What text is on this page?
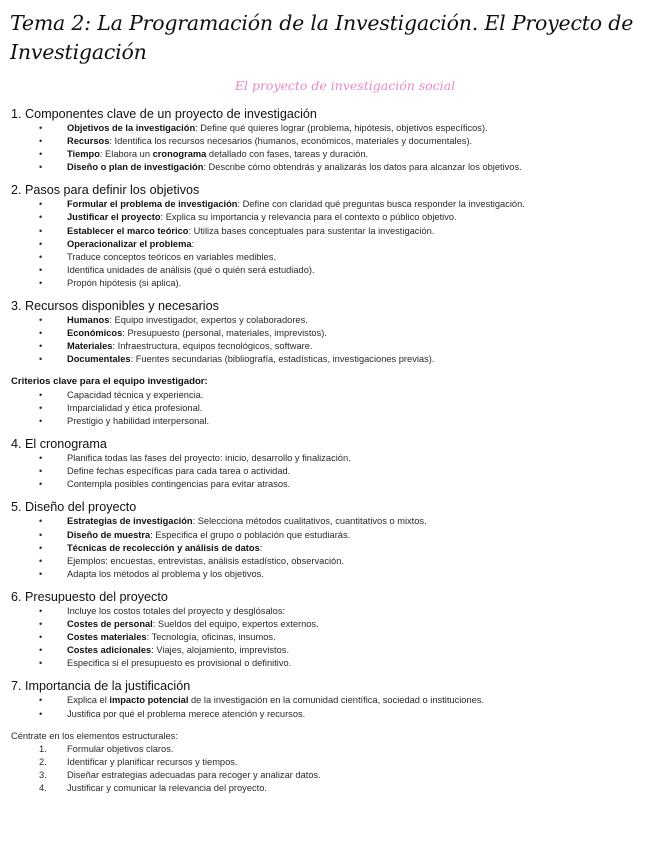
Tema 2: La Programación de la Investigación. El Proyecto de Investigación

El proyecto de investigación social

1. Componentes clave de un proyecto de investigación
•	Objetivos de la investigación: Define qué quieres lograr (problema, hipótesis, objetivos específicos).
•	Recursos: Identifica los recursos necesarios (humanos, económicos, materiales y documentales).
•	Tiempo: Elabora un cronograma detallado con fases, tareas y duración.
•	Diseño o plan de investigación: Describe cómo obtendrás y analizarás los datos para alcanzar los objetivos.
2. Pasos para definir los objetivos
•	Formular el problema de investigación: Define con claridad qué preguntas busca responder la investigación.
•	Justificar el proyecto: Explica su importancia y relevancia para el contexto o público objetivo.
•	Establecer el marco teórico: Utiliza bases conceptuales para sustentar la investigación.
•	Operacionalizar el problema:
•	Traduce conceptos teóricos en variables medibles.
•	Identifica unidades de análisis (qué o quién será estudiado).
•	Propón hipótesis (si aplica).
3. Recursos disponibles y necesarios
•	Humanos: Equipo investigador, expertos y colaboradores.
•	Económicos: Presupuesto (personal, materiales, imprevistos).
•	Materiales: Infraestructura, equipos tecnológicos, software.
•	Documentales: Fuentes secundarias (bibliografía, estadísticas, investigaciones previas).
Criterios clave para el equipo investigador:
•	Capacidad técnica y experiencia.
•	Imparcialidad y ética profesional.
•	Prestigio y habilidad interpersonal.
4. El cronograma
•	Planifica todas las fases del proyecto: inicio, desarrollo y finalización.
•	Define fechas específicas para cada tarea o actividad.
•	Contempla posibles contingencias para evitar atrasos.
5. Diseño del proyecto
•	Estrategias de investigación: Selecciona métodos cualitativos, cuantitativos o mixtos.
•	Diseño de muestra: Especifica el grupo o población que estudiarás.
•	Técnicas de recolección y análisis de datos:
•	Ejemplos: encuestas, entrevistas, análisis estadístico, observación.
•	Adapta los métodos al problema y los objetivos.
6. Presupuesto del proyecto
•	Incluye los costos totales del proyecto y desglósalos:
•	Costes de personal: Sueldos del equipo, expertos externos.
•	Costes materiales: Tecnología, oficinas, insumos.
•	Costes adicionales: Viajes, alojamiento, imprevistos.
•	Especifica si el presupuesto es provisional o definitivo.
7. Importancia de la justificación
•	Explica el impacto potencial de la investigación en la comunidad científica, sociedad o instituciones.
•	Justifica por qué el problema merece atención y recursos.

Céntrate en los elementos estructurales:

1. Formular objetivos claros.
2. Identificar y planificar recursos y tiempos.
3. Diseñar estrategias adecuadas para recoger y analizar datos.
4. Justificar y comunicar la relevancia del proyecto.
